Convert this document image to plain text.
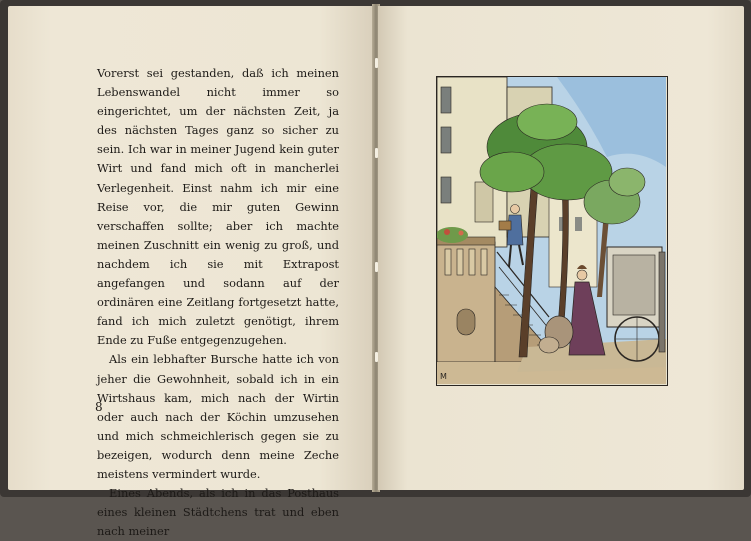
Vorerst sei gestanden, daß ich meinen Lebenswandel nicht immer so eingerichtet, um der nächsten Zeit, ja des nächsten Tages ganz so sicher zu sein. Ich war in meiner Jugend kein guter Wirt und fand mich oft in mancherlei Verlegenheit. Einst nahm ich mir eine Reise vor, die mir guten Gewinn verschaffen sollte; aber ich machte meinen Zuschnitt ein wenig zu groß, und nachdem ich sie mit Extrapost angefangen und sodann auf der ordinären eine Zeitlang fortgesetzt hatte, fand ich mich zuletzt genötigt, ihrem Ende zu Fuße entgegenzugehen.

Als ein lebhafter Bursche hatte ich von jeher die Gewohnheit, sobald ich in ein Wirtshaus kam, mich nach der Wirtin oder auch nach der Köchin umzusehen und mich schmeichlerisch gegen sie zu bezeigen, wodurch denn meine Zeche meistens vermindert wurde.

Eines Abends, als ich in das Posthaus eines kleinen Städtchens trat und eben nach meiner

8
M
